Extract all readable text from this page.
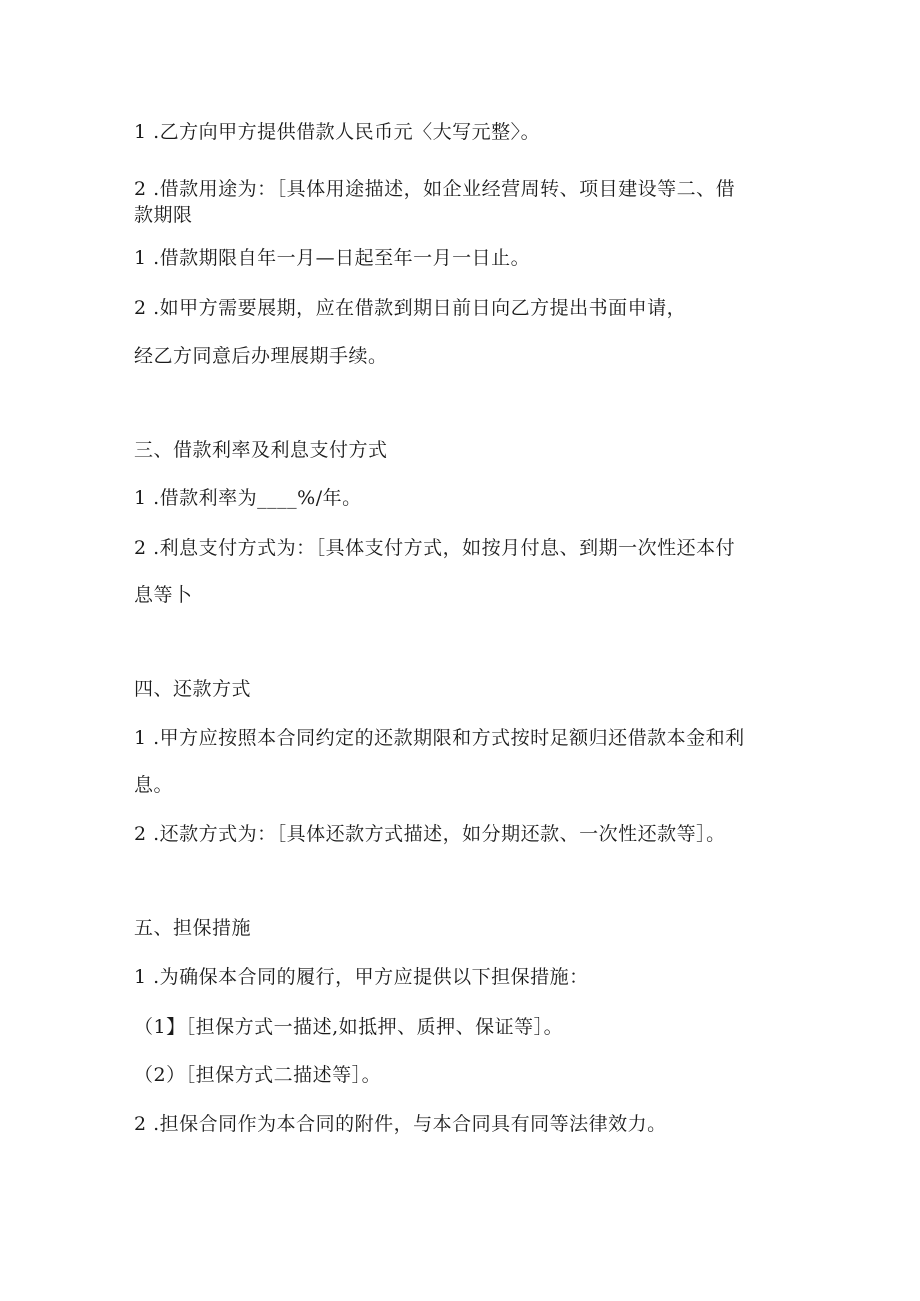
1 .乙方向甲方提供借款人民币元〈大写元整〉。
2 .借款用途为：［具体用途描述，如企业经营周转、项目建设等二、借
款期限
1 .借款期限自年一月—日起至年一月一日止。
2 .如甲方需要展期，应在借款到期日前日向乙方提出书面申请，
经乙方同意后办理展期手续。
三、借款利率及利息支付方式
1 .借款利率为____%/年。
2 .利息支付方式为：［具体支付方式，如按月付息、到期一次性还本付
息等卜
四、还款方式
1 .甲方应按照本合同约定的还款期限和方式按时足额归还借款本金和利
息。
2 .还款方式为：［具体还款方式描述，如分期还款、一次性还款等］。
五、担保措施
1 .为确保本合同的履行，甲方应提供以下担保措施：
（1】［担保方式一描述,如抵押、质押、保证等］。
（2）［担保方式二描述等］。
2 .担保合同作为本合同的附件，与本合同具有同等法律效力。
